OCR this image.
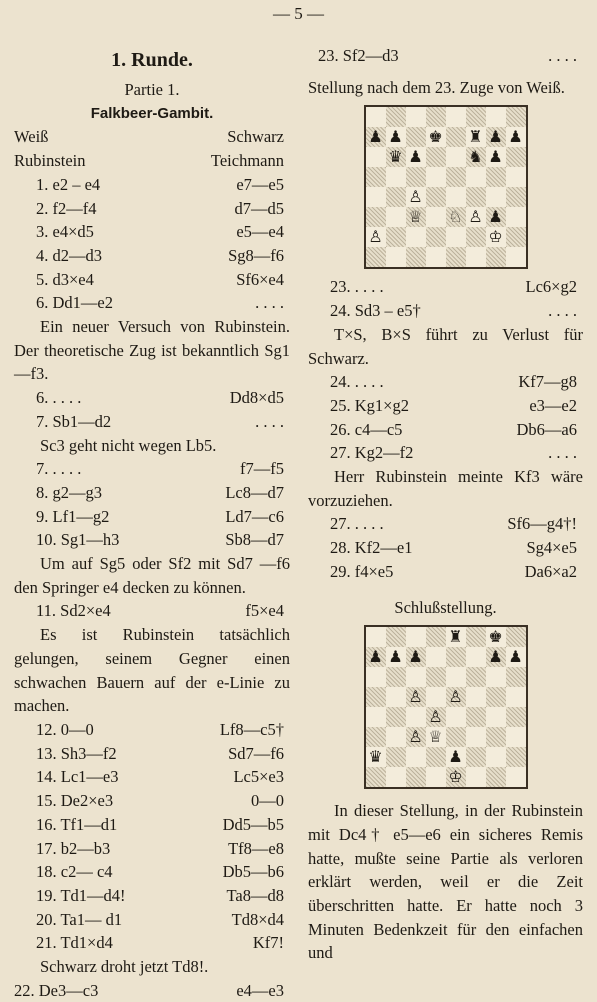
— 5 —
1. Runde.
Partie 1.
Falkbeer-Gambit.
Weiß	Schwarz
Rubinstein	Teichmann
1. e2 – e4	e7—e5
2. f2—f4	d7—d5
3. e4×d5	e5—e4
4. d2—d3	Sg8—f6
5. d3×e4	Sf6×e4
6. Dd1—e2	. . . .
Ein neuer Versuch von Rubinstein. Der theoretische Zug ist bekanntlich Sg1—f3.
6. . . . .	Dd8×d5
7. Sb1—d2	. . . .
Sc3 geht nicht wegen Lb5.
7. . . . .	f7—f5
8. g2—g3	Lc8—d7
9. Lf1—g2	Ld7—c6
10. Sg1—h3	Sb8—d7
Um auf Sg5 oder Sf2 mit Sd7 —f6 den Springer e4 decken zu können.
11. Sd2×e4	f5×e4
Es ist Rubinstein tatsächlich gelungen, seinem Gegner einen schwachen Bauern auf der e-Linie zu machen.
12. 0—0	Lf8—c5†
13. Sh3—f2	Sd7—f6
14. Lc1—e3	Lc5×e3
15. De2×e3	0—0
16. Tf1—d1	Dd5—b5
17. b2—b3	Tf8—e8
18. c2— c4	Db5—b6
19. Td1—d4!	Ta8—d8
20. Ta1— d1	Td8×d4
21. Td1×d4	Kf7!
Schwarz droht jetzt Td8!.
22. De3—c3	e4—e3
23. Sf2—d3	. . . .
Stellung nach dem 23. Zuge von Weiß.
♟ ♟ ♚ ♜ ♟ ♟
♛ ♟	♞ ♟
♙
♕ ♘ ♙ ♟
♙	♔
23. . . . .	Lc6×g2
24. Sd3 – e5†	. . . .
T×S, B×S führt zu Verlust für Schwarz.
24. . . . .	Kf7—g8
25. Kg1×g2	e3—e2
26. c4—c5	Db6—a6
27. Kg2—f2	. . . .
Herr Rubinstein meinte Kf3 wäre vorzuziehen.
27. . . . .	Sf6—g4†!
28. Kf2—e1	Sg4×e5
29. f4×e5	Da6×a2
Schlußstellung.
♜ ♚
♟ ♟ ♟	♟ ♟
♙ ♙
♙
♙ ♕
♛	♟
♔
In dieser Stellung, in der Rubinstein mit Dc4† e5—e6 ein sicheres Remis hatte, mußte seine Partie als verloren erklärt werden, weil er die Zeit überschritten hatte. Er hatte noch 3 Minuten Bedenkzeit für den einfachen und
